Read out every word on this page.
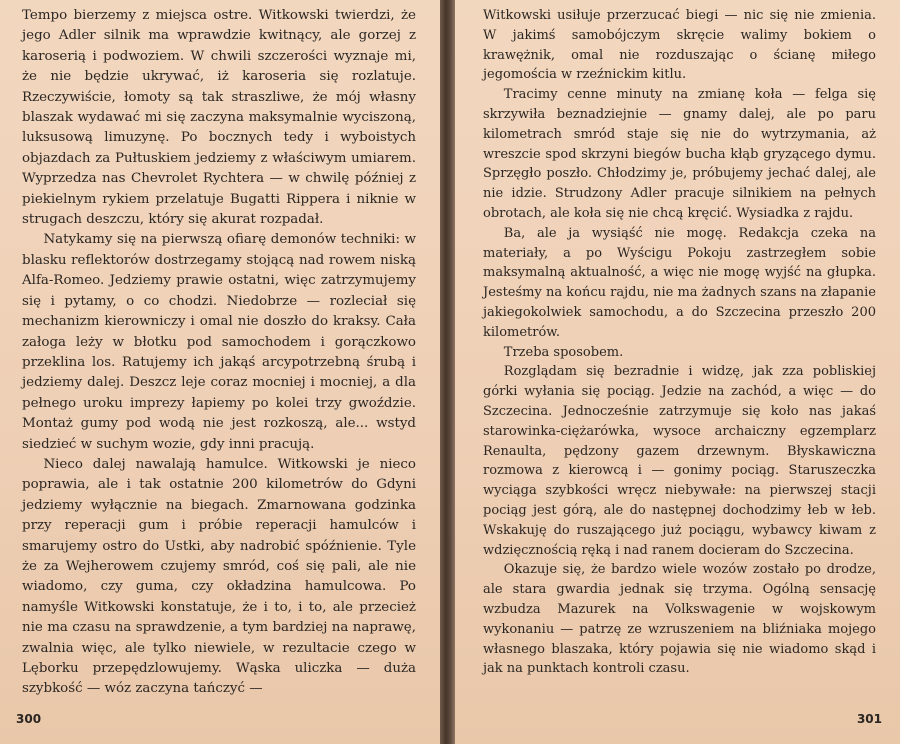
Tempo bierzemy z miejsca ostre. Witkowski twierdzi, że jego Adler silnik ma wprawdzie kwitnący, ale gorzej z karoserią i podwoziem. W chwili szczerości wyznaje mi, że nie będzie ukrywać, iż karoseria się rozlatuje. Rzeczywiście, łomoty są tak straszliwe, że mój własny blaszak wydawać mi się zaczyna maksymalnie wyciszoną, luksusową limuzynę. Po bocznych tedy i wyboistych objazdach za Pułtuskiem jedziemy z właściwym umiarem. Wyprzedza nas Chevrolet Rychtera — w chwilę później z piekielnym rykiem przelatuje Bugatti Rippera i niknie w strugach deszczu, który się akurat rozpadał.

Natykamy się na pierwszą ofiarę demonów techniki: w blasku reflektorów dostrzegamy stojącą nad rowem niską Alfa-Romeo. Jedziemy prawie ostatni, więc zatrzymujemy się i pytamy, o co chodzi. Niedobrze — rozleciał się mechanizm kierowniczy i omal nie doszło do kraksy. Cała załoga leży w błotku pod samochodem i gorączkowo przeklina los. Ratujemy ich jakąś arcypotrzebną śrubą i jedziemy dalej. Deszcz leje coraz mocniej i mocniej, a dla pełnego uroku imprezy łapiemy po kolei trzy gwoździe. Montaż gumy pod wodą nie jest rozkoszą, ale... wstyd siedzieć w suchym wozie, gdy inni pracują.

Nieco dalej nawalają hamulce. Witkowski je nieco poprawia, ale i tak ostatnie 200 kilometrów do Gdyni jedziemy wyłącznie na biegach. Zmarnowana godzinka przy reperacji gum i próbie reperacji hamulców i smarujemy ostro do Ustki, aby nadrobić spóźnienie. Tyle że za Wejherowem czujemy smród, coś się pali, ale nie wiadomo, czy guma, czy okładzina hamulcowa. Po namyśle Witkowski konstatuje, że i to, i to, ale przecież nie ma czasu na sprawdzenie, a tym bardziej na naprawę, zwalnia więc, ale tylko niewiele, w rezultacie czego w Lęborku przepędzlowujemy. Wąska uliczka — duża szybkość — wóz zaczyna tańczyć —

300

Witkowski usiłuje przerzucać biegi — nic się nie zmienia. W jakimś samobójczym skręcie walimy bokiem o krawężnik, omal nie rozduszając o ścianę miłego jegomościa w rzeźnickim kitlu.

Tracimy cenne minuty na zmianę koła — felga się skrzywiła beznadziejnie — gnamy dalej, ale po paru kilometrach smród staje się nie do wytrzymania, aż wreszcie spod skrzyni biegów bucha kłąb gryzącego dymu. Sprzęgło poszło. Chłodzimy je, próbujemy jechać dalej, ale nie idzie. Strudzony Adler pracuje silnikiem na pełnych obrotach, ale koła się nie chcą kręcić. Wysiadka z rajdu.

Ba, ale ja wysiąść nie mogę. Redakcja czeka na materiały, a po Wyścigu Pokoju zastrzegłem sobie maksymalną aktualność, a więc nie mogę wyjść na głupka. Jesteśmy na końcu rajdu, nie ma żadnych szans na złapanie jakiegokolwiek samochodu, a do Szczecina przeszło 200 kilometrów.

Trzeba sposobem.

Rozglądam się bezradnie i widzę, jak zza pobliskiej górki wyłania się pociąg. Jedzie na zachód, a więc — do Szczecina. Jednocześnie zatrzymuje się koło nas jakaś starowinka-ciężarówka, wysoce archaiczny egzemplarz Renaulta, pędzony gazem drzewnym. Błyskawiczna rozmowa z kierowcą i — gonimy pociąg. Staruszeczka wyciąga szybkości wręcz niebywałe: na pierwszej stacji pociąg jest górą, ale do następnej dochodzimy łeb w łeb. Wskakuję do ruszającego już pociągu, wybawcy kiwam z wdzięcznością ręką i nad ranem docieram do Szczecina.

Okazuje się, że bardzo wiele wozów zostało po drodze, ale stara gwardia jednak się trzyma. Ogólną sensację wzbudza Mazurek na Volkswagenie w wojskowym wykonaniu — patrzę ze wzruszeniem na bliźniaka mojego własnego blaszaka, który pojawia się nie wiadomo skąd i jak na punktach kontroli czasu.

301
